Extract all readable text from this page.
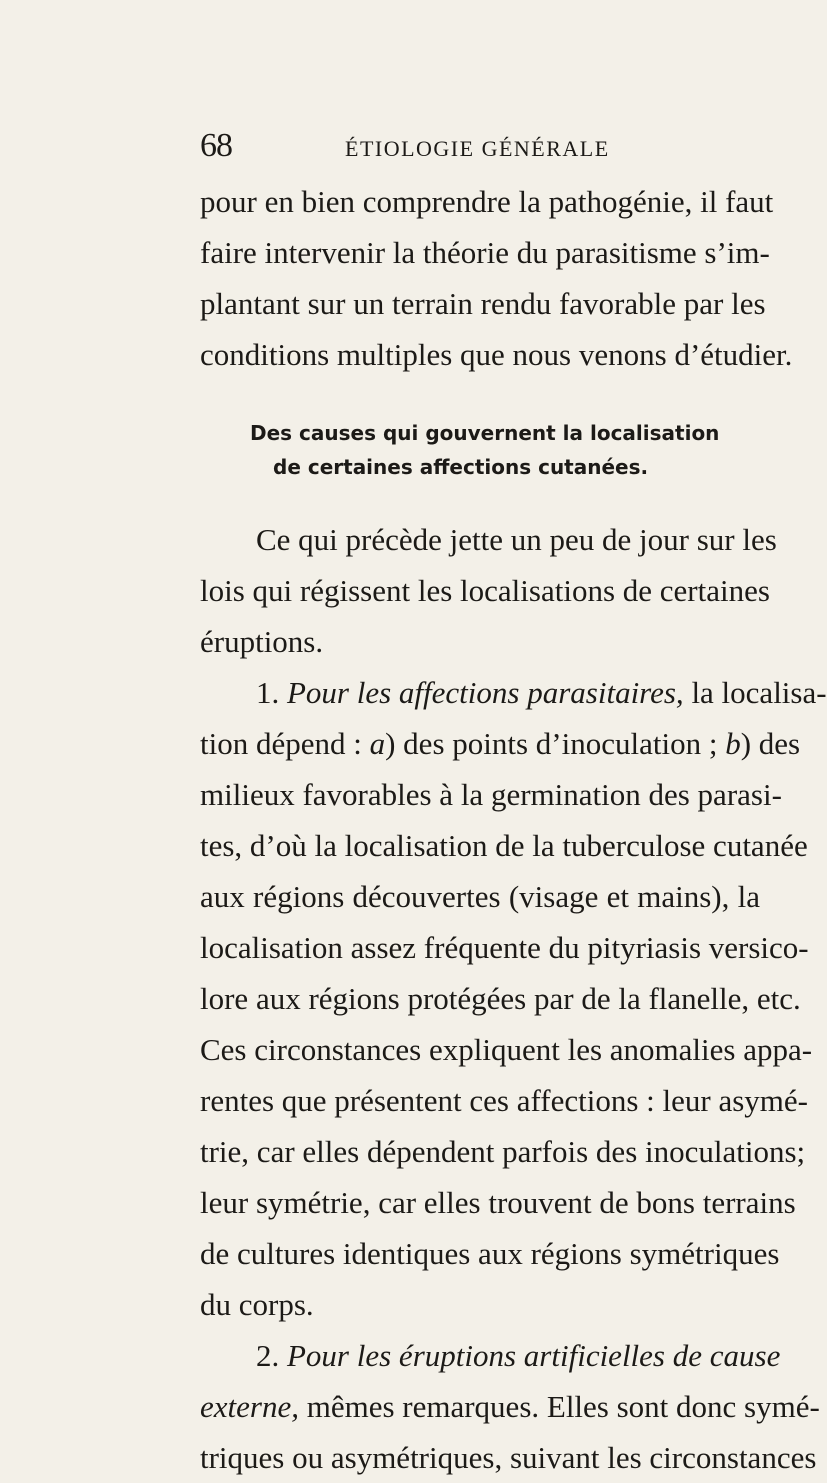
68	ÉTIOLOGIE GÉNÉRALE
pour en bien comprendre la pathogénie, il faut
faire intervenir la théorie du parasitisme s’im-
plantant sur un terrain rendu favorable par les
conditions multiples que nous venons d’étudier.
Des causes qui gouvernent la localisation
de certaines affections cutanées.
Ce qui précède jette un peu de jour sur les
lois qui régissent les localisations de certaines
éruptions.
1. Pour les affections parasitaires, la localisa-
tion dépend : a) des points d’inoculation ; b) des
milieux favorables à la germination des parasi-
tes, d’où la localisation de la tuberculose cutanée
aux régions découvertes (visage et mains), la
localisation assez fréquente du pityriasis versico-
lore aux régions protégées par de la flanelle, etc.
Ces circonstances expliquent les anomalies appa-
rentes que présentent ces affections : leur asymé-
trie, car elles dépendent parfois des inoculations;
leur symétrie, car elles trouvent de bons terrains
de cultures identiques aux régions symétriques
du corps.
2. Pour les éruptions artificielles de cause
externe, mêmes remarques. Elles sont donc symé-
triques ou asymétriques, suivant les circonstances
